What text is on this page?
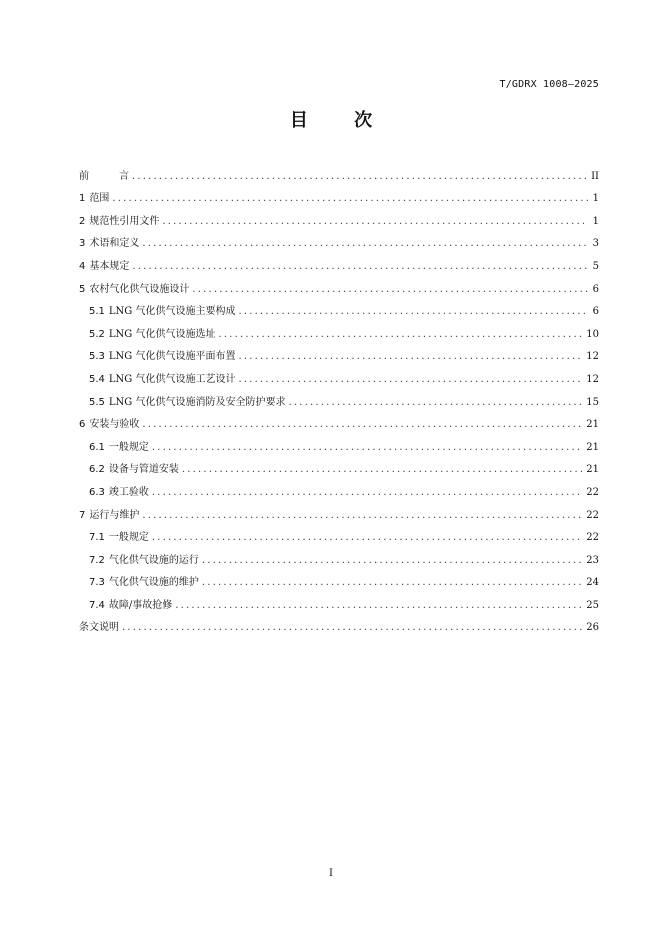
T/GDRX 1008—2025
目 次
前　　　言 .....	II
1 范围 .....	1
2 规范性引用文件 .....	1
3 术语和定义 .....	3
4 基本规定 .....	5
5 农村气化供气设施设计 .....	6
5.1 LNG 气化供气设施主要构成 .....	6
5.2 LNG 气化供气设施选址 .....	10
5.3 LNG 气化供气设施平面布置 .....	12
5.4 LNG 气化供气设施工艺设计 .....	12
5.5 LNG 气化供气设施消防及安全防护要求 .....	15
6 安装与验收 .....	21
6.1 一般规定 .....	21
6.2 设备与管道安装 .....	21
6.3 竣工验收 .....	22
7 运行与维护 .....	22
7.1 一般规定 .....	22
7.2 气化供气设施的运行 .....	23
7.3 气化供气设施的维护 .....	24
7.4 故障/事故抢修 .....	25
条文说明 .....	26
I
